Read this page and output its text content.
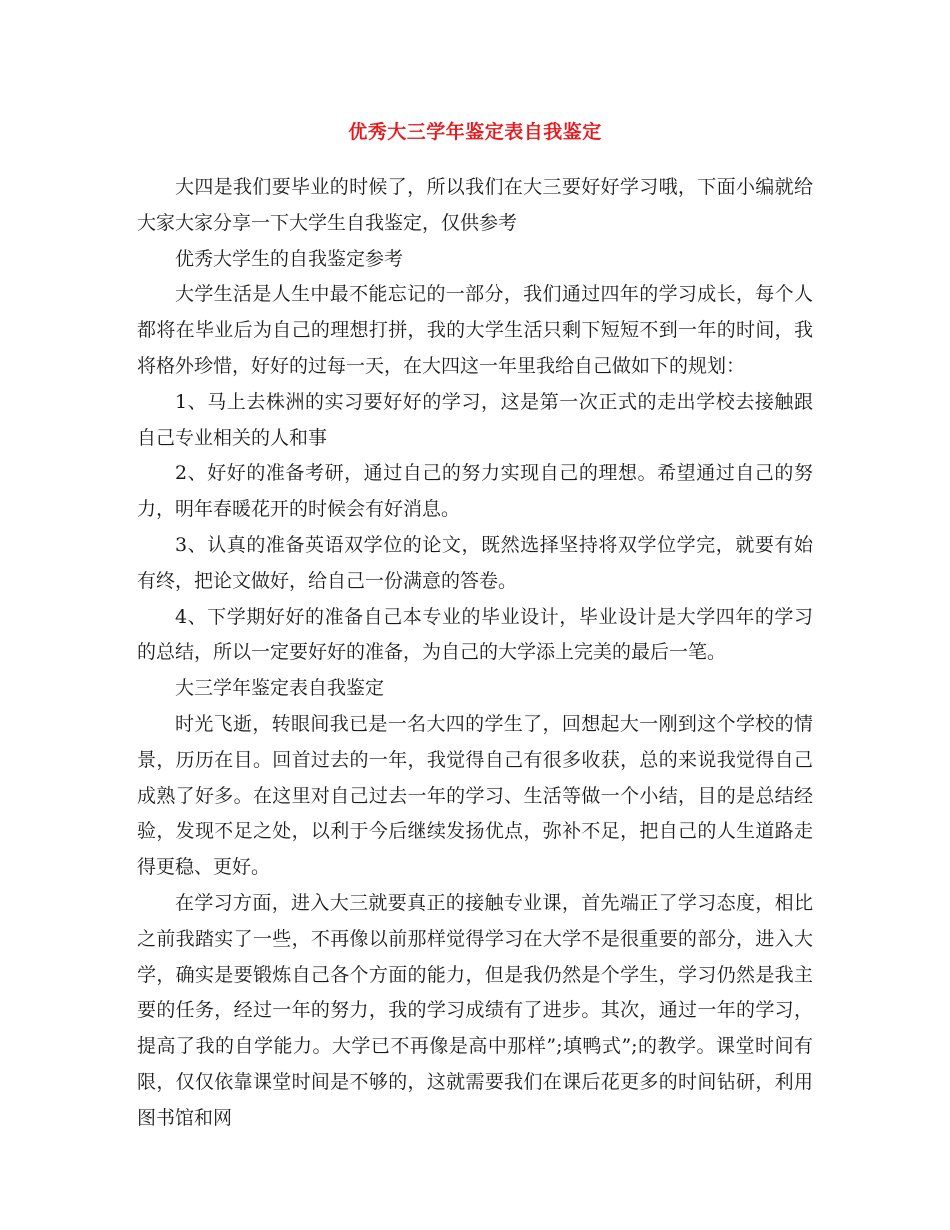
优秀大三学年鉴定表自我鉴定

大四是我们要毕业的时候了，所以我们在大三要好好学习哦，下面小编就给大家大家分享一下大学生自我鉴定，仅供参考

优秀大学生的自我鉴定参考

大学生活是人生中最不能忘记的一部分，我们通过四年的学习成长，每个人都将在毕业后为自己的理想打拼，我的大学生活只剩下短短不到一年的时间，我将格外珍惜，好好的过每一天，在大四这一年里我给自己做如下的规划：

1、马上去株洲的实习要好好的学习，这是第一次正式的走出学校去接触跟自己专业相关的人和事

2、好好的准备考研，通过自己的努力实现自己的理想。希望通过自己的努力，明年春暖花开的时候会有好消息。

3、认真的准备英语双学位的论文，既然选择坚持将双学位学完，就要有始有终，把论文做好，给自己一份满意的答卷。

4、下学期好好的准备自己本专业的毕业设计，毕业设计是大学四年的学习的总结，所以一定要好好的准备，为自己的大学添上完美的最后一笔。

大三学年鉴定表自我鉴定

时光飞逝，转眼间我已是一名大四的学生了，回想起大一刚到这个学校的情景，历历在目。回首过去的一年，我觉得自己有很多收获，总的来说我觉得自己成熟了好多。在这里对自己过去一年的学习、生活等做一个小结，目的是总结经验，发现不足之处，以利于今后继续发扬优点，弥补不足，把自己的人生道路走得更稳、更好。

在学习方面，进入大三就要真正的接触专业课，首先端正了学习态度，相比之前我踏实了一些，不再像以前那样觉得学习在大学不是很重要的部分，进入大学，确实是要锻炼自己各个方面的能力，但是我仍然是个学生，学习仍然是我主要的任务，经过一年的努力，我的学习成绩有了进步。其次，通过一年的学习，提高了我的自学能力。大学已不再像是高中那样”;填鸭式”;的教学。课堂时间有限，仅仅依靠课堂时间是不够的，这就需要我们在课后花更多的时间钻研，利用图书馆和网
